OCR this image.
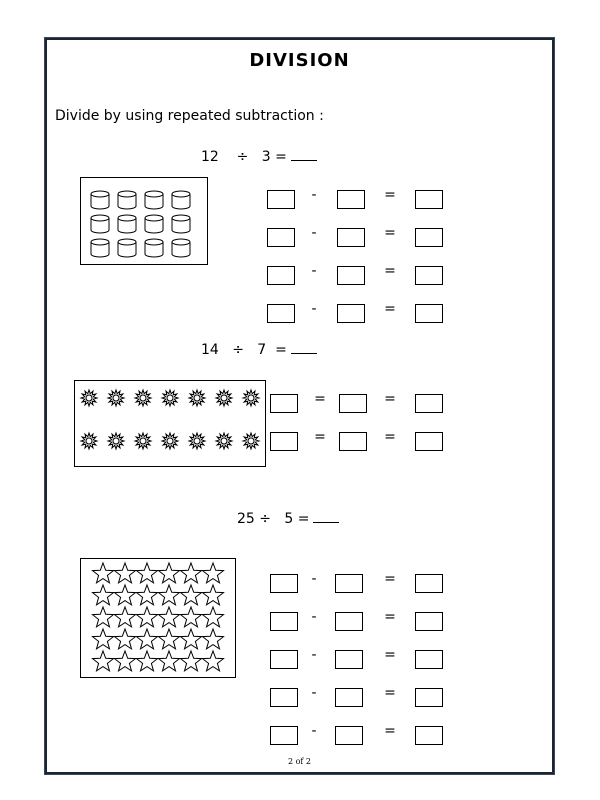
DIVISION
Divide by using repeated subtraction :
12 ÷ 3 =
-	=
-	=
-	=
-	=
14 ÷ 7 =
=	=
=	=
25 ÷ 5 =
-	=
-	=
-	=
-	=
-	=
2 of 2
